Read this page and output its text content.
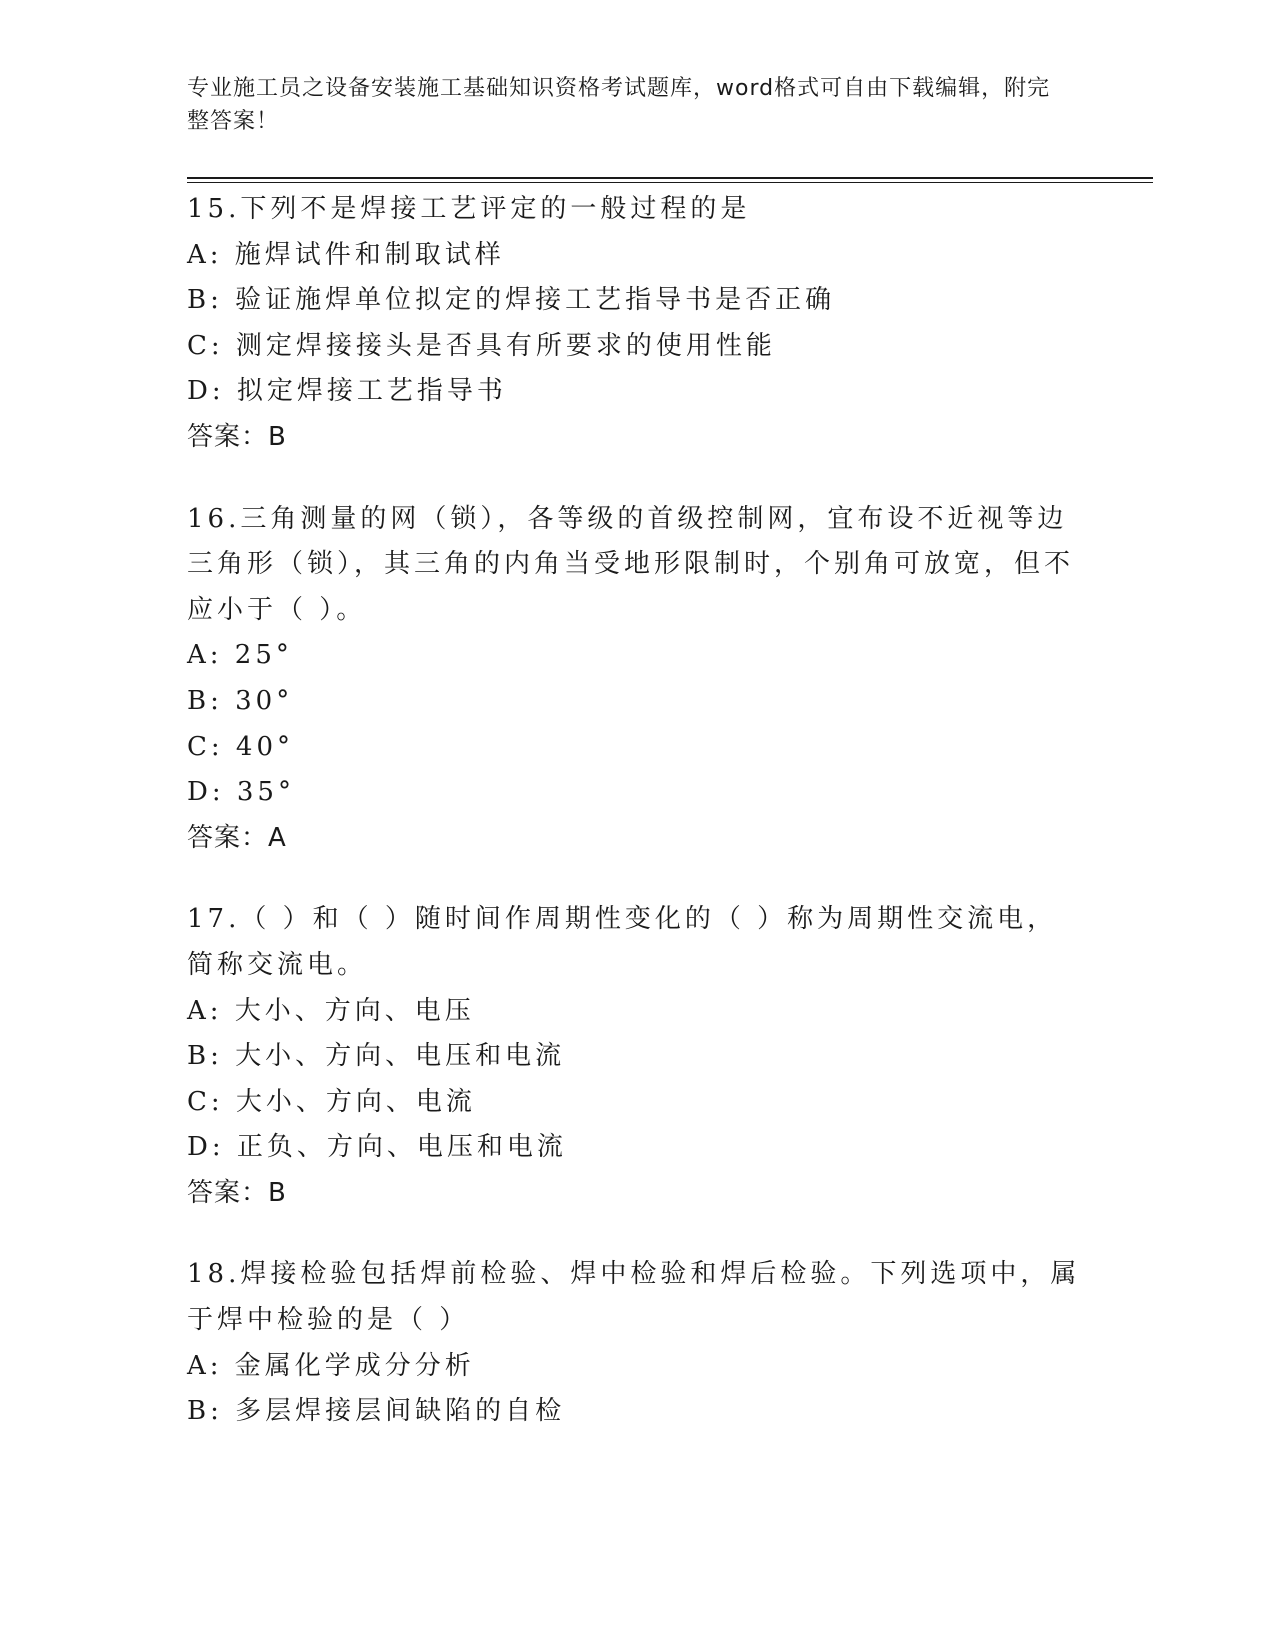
专业施工员之设备安装施工基础知识资格考试题库，word格式可自由下载编辑，附完整答案！

15.下列不是焊接工艺评定的一般过程的是

A: 施焊试件和制取试样

B: 验证施焊单位拟定的焊接工艺指导书是否正确

C: 测定焊接接头是否具有所要求的使用性能

D: 拟定焊接工艺指导书

答案：B

16.三角测量的网（锁），各等级的首级控制网，宜布设不近视等边三角形（锁），其三角的内角当受地形限制时，个别角可放宽，但不应小于（ ）。

A: 25°

B: 30°

C: 40°

D: 35°

答案：A

17.（ ）和（ ）随时间作周期性变化的（ ）称为周期性交流电，简称交流电。

A: 大小、方向、电压

B: 大小、方向、电压和电流

C: 大小、方向、电流

D: 正负、方向、电压和电流

答案：B

18.焊接检验包括焊前检验、焊中检验和焊后检验。下列选项中，属于焊中检验的是（ ）

A: 金属化学成分分析

B: 多层焊接层间缺陷的自检
